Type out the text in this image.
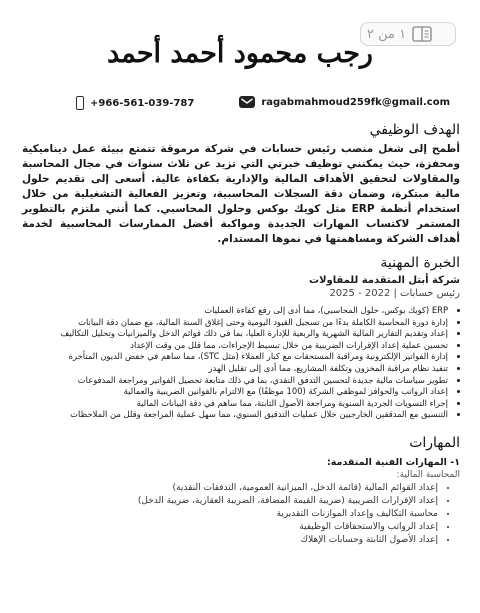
١ من ٢
رجب محمود أحمد أحمد
ragabmahmoud259fk@gmail.com
+966-561-039-787
الهدف الوظيفي

أطمح إلى شغل منصب رئيس حسابات في شركة مرموقة تتمتع ببيئة عمل ديناميكية ومحفزة، حيث يمكنني توظيف خبرتي التي تزيد عن ثلاث سنوات في مجال المحاسبة والمقاولات لتحقيق الأهداف المالية والإدارية بكفاءة عالية. أسعى إلى تقديم حلول مالية مبتكرة، وضمان دقة السجلات المحاسبية، وتعزيز الفعالية التشغيلية من خلال استخدام أنظمة ERP مثل كويك بوكس وحلول المحاسبي. كما أنني ملتزم بالتطوير المستمر لاكتساب المهارات الجديدة ومواكبة أفضل الممارسات المحاسبية لخدمة أهداف الشركة ومساهمتها في نموها المستدام.

الخبرة المهنية
شركة أبتل المتقدمة للمقاولات
رئيس حسابات | 2022 - 2025
• ERP (كويك بوكس، حلول المحاسبي)، مما أدى إلى رفع كفاءة العمليات
• إدارة دورة المحاسبة الكاملة بدءًا من تسجيل القيود اليومية وحتى إغلاق السنة المالية، مع ضمان دقة البيانات
• إعداد وتقديم التقارير المالية الشهرية والربعية للإدارة العليا، بما في ذلك قوائم الدخل والميزانيات وتحليل التكاليف
• تحسين عملية إعداد الإقرارات الضريبية من خلال تبسيط الإجراءات، مما قلل من وقت الإعداد
• إدارة الفواتير الإلكترونية ومراقبة المستحقات مع كبار العملاء (مثل STC)، مما ساهم في خفض الديون المتأخرة
• تنفيذ نظام مراقبة المخزون وتكلفة المشاريع، مما أدى إلى تقليل الهدر
• تطوير سياسات مالية جديدة لتحسين التدفق النقدي، بما في ذلك متابعة تحصيل الفواتير ومراجعة المدفوعات
• إعداد الرواتب والحوافز لموظفي الشركة (100 موظفًا) مع الالتزام بالقوانين الضريبية والعمالية
• إجراء التسويات الجردية السنوية ومراجعة الأصول الثابتة، مما ساهم في دقة البيانات المالية
• التنسيق مع المدققين الخارجيين خلال عمليات التدقيق السنوي، مما سهل عملية المراجعة وقلل من الملاحظات
المهارات
١- المهارات الفنية المتقدمة:
المحاسبة المالية:
• إعداد القوائم المالية (قائمة الدخل، الميزانية العمومية، التدفقات النقدية)
• إعداد الإقرارات الضريبية (ضريبة القيمة المضافة، الضريبة العقارية، ضريبة الدخل)
• محاسبة التكاليف وإعداد الموازنات التقديرية
• إعداد الرواتب والاستحقاقات الوظيفية
• إعداد الأصول الثابتة وحسابات الإهلاك
